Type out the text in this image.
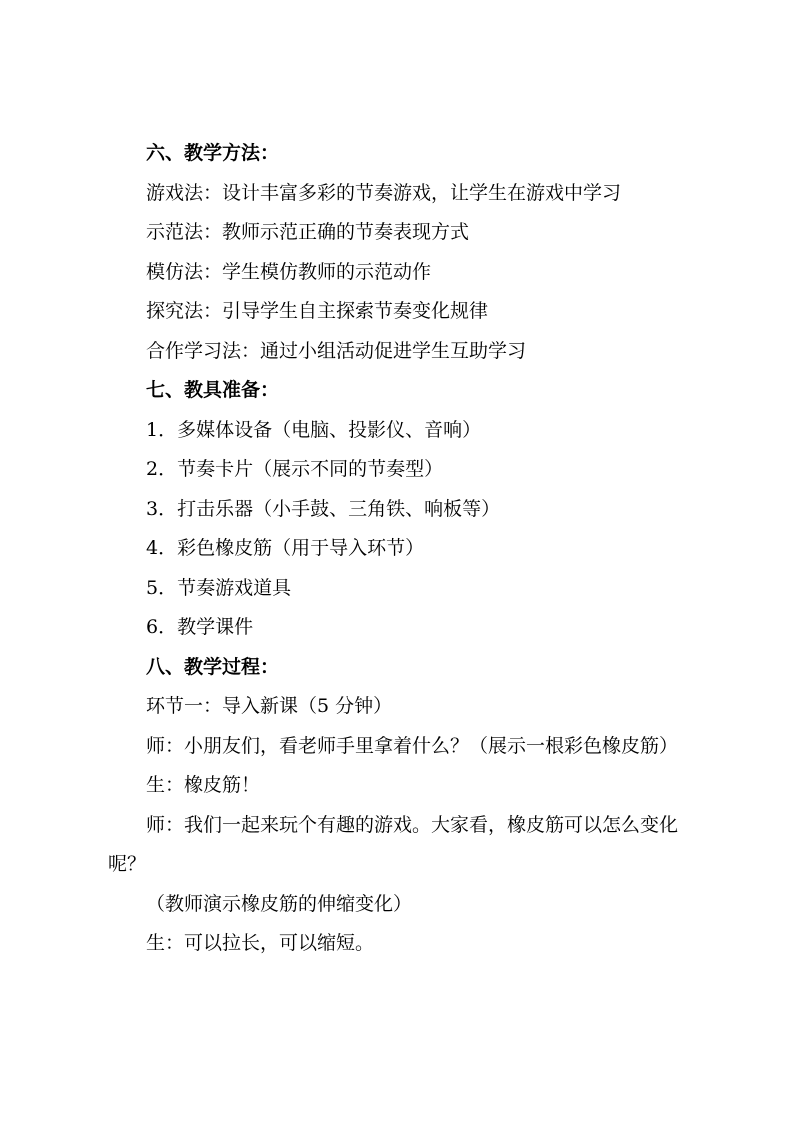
六、教学方法：

游戏法：设计丰富多彩的节奏游戏，让学生在游戏中学习

示范法：教师示范正确的节奏表现方式

模仿法：学生模仿教师的示范动作

探究法：引导学生自主探索节奏变化规律

合作学习法：通过小组活动促进学生互助学习

七、教具准备：

1．多媒体设备（电脑、投影仪、音响）

2．节奏卡片（展示不同的节奏型）

3．打击乐器（小手鼓、三角铁、响板等）

4．彩色橡皮筋（用于导入环节）

5．节奏游戏道具

6．教学课件

八、教学过程：

环节一：导入新课（5 分钟）

师：小朋友们，看老师手里拿着什么？（展示一根彩色橡皮筋）

生：橡皮筋！

师：我们一起来玩个有趣的游戏。大家看，橡皮筋可以怎么变化呢？

（教师演示橡皮筋的伸缩变化）

生：可以拉长，可以缩短。
